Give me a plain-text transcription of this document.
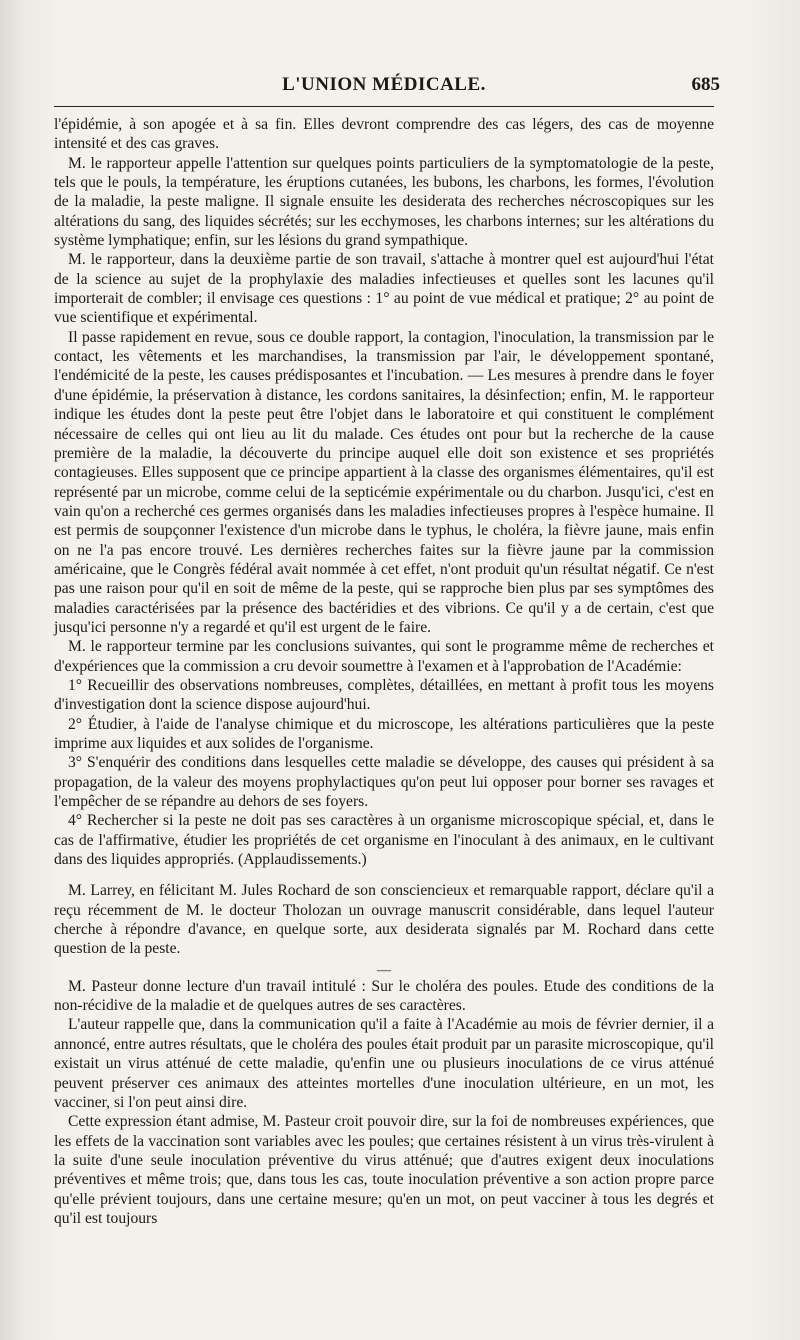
L'UNION MÉDICALE.	685

l'épidémie, à son apogée et à sa fin. Elles devront comprendre des cas légers, des cas de moyenne intensité et des cas graves.

M. le rapporteur appelle l'attention sur quelques points particuliers de la symptomatologie de la peste, tels que le pouls, la température, les éruptions cutanées, les bubons, les charbons, les formes, l'évolution de la maladie, la peste maligne. Il signale ensuite les desiderata des recherches nécroscopiques sur les altérations du sang, des liquides sécrétés; sur les ecchymoses, les charbons internes; sur les altérations du système lymphatique; enfin, sur les lésions du grand sympathique.

M. le rapporteur, dans la deuxième partie de son travail, s'attache à montrer quel est aujourd'hui l'état de la science au sujet de la prophylaxie des maladies infectieuses et quelles sont les lacunes qu'il importerait de combler; il envisage ces questions : 1° au point de vue médical et pratique; 2° au point de vue scientifique et expérimental.

Il passe rapidement en revue, sous ce double rapport, la contagion, l'inoculation, la transmission par le contact, les vêtements et les marchandises, la transmission par l'air, le développement spontané, l'endémicité de la peste, les causes prédisposantes et l'incubation. — Les mesures à prendre dans le foyer d'une épidémie, la préservation à distance, les cordons sanitaires, la désinfection; enfin, M. le rapporteur indique les études dont la peste peut être l'objet dans le laboratoire et qui constituent le complément nécessaire de celles qui ont lieu au lit du malade. Ces études ont pour but la recherche de la cause première de la maladie, la découverte du principe auquel elle doit son existence et ses propriétés contagieuses. Elles supposent que ce principe appartient à la classe des organismes élémentaires, qu'il est représenté par un microbe, comme celui de la septicémie expérimentale ou du charbon. Jusqu'ici, c'est en vain qu'on a recherché ces germes organisés dans les maladies infectieuses propres à l'espèce humaine. Il est permis de soupçonner l'existence d'un microbe dans le typhus, le choléra, la fièvre jaune, mais enfin on ne l'a pas encore trouvé. Les dernières recherches faites sur la fièvre jaune par la commission américaine, que le Congrès fédéral avait nommée à cet effet, n'ont produit qu'un résultat négatif. Ce n'est pas une raison pour qu'il en soit de même de la peste, qui se rapproche bien plus par ses symptômes des maladies caractérisées par la présence des bactéridies et des vibrions. Ce qu'il y a de certain, c'est que jusqu'ici personne n'y a regardé et qu'il est urgent de le faire.

M. le rapporteur termine par les conclusions suivantes, qui sont le programme même de recherches et d'expériences que la commission a cru devoir soumettre à l'examen et à l'approbation de l'Académie:

1° Recueillir des observations nombreuses, complètes, détaillées, en mettant à profit tous les moyens d'investigation dont la science dispose aujourd'hui.

2° Étudier, à l'aide de l'analyse chimique et du microscope, les altérations particulières que la peste imprime aux liquides et aux solides de l'organisme.

3° S'enquérir des conditions dans lesquelles cette maladie se développe, des causes qui président à sa propagation, de la valeur des moyens prophylactiques qu'on peut lui opposer pour borner ses ravages et l'empêcher de se répandre au dehors de ses foyers.

4° Rechercher si la peste ne doit pas ses caractères à un organisme microscopique spécial, et, dans le cas de l'affirmative, étudier les propriétés de cet organisme en l'inoculant à des animaux, en le cultivant dans des liquides appropriés. (Applaudissements.)

M. Larrey, en félicitant M. Jules Rochard de son consciencieux et remarquable rapport, déclare qu'il a reçu récemment de M. le docteur Tholozan un ouvrage manuscrit considérable, dans lequel l'auteur cherche à répondre d'avance, en quelque sorte, aux desiderata signalés par M. Rochard dans cette question de la peste.

—

M. Pasteur donne lecture d'un travail intitulé : Sur le choléra des poules. Etude des conditions de la non-récidive de la maladie et de quelques autres de ses caractères.

L'auteur rappelle que, dans la communication qu'il a faite à l'Académie au mois de février dernier, il a annoncé, entre autres résultats, que le choléra des poules était produit par un parasite microscopique, qu'il existait un virus atténué de cette maladie, qu'enfin une ou plusieurs inoculations de ce virus atténué peuvent préserver ces animaux des atteintes mortelles d'une inoculation ultérieure, en un mot, les vacciner, si l'on peut ainsi dire.

Cette expression étant admise, M. Pasteur croit pouvoir dire, sur la foi de nombreuses expériences, que les effets de la vaccination sont variables avec les poules; que certaines résistent à un virus très-virulent à la suite d'une seule inoculation préventive du virus atténué; que d'autres exigent deux inoculations préventives et même trois; que, dans tous les cas, toute inoculation préventive a son action propre parce qu'elle prévient toujours, dans une certaine mesure; qu'en un mot, on peut vacciner à tous les degrés et qu'il est toujours
